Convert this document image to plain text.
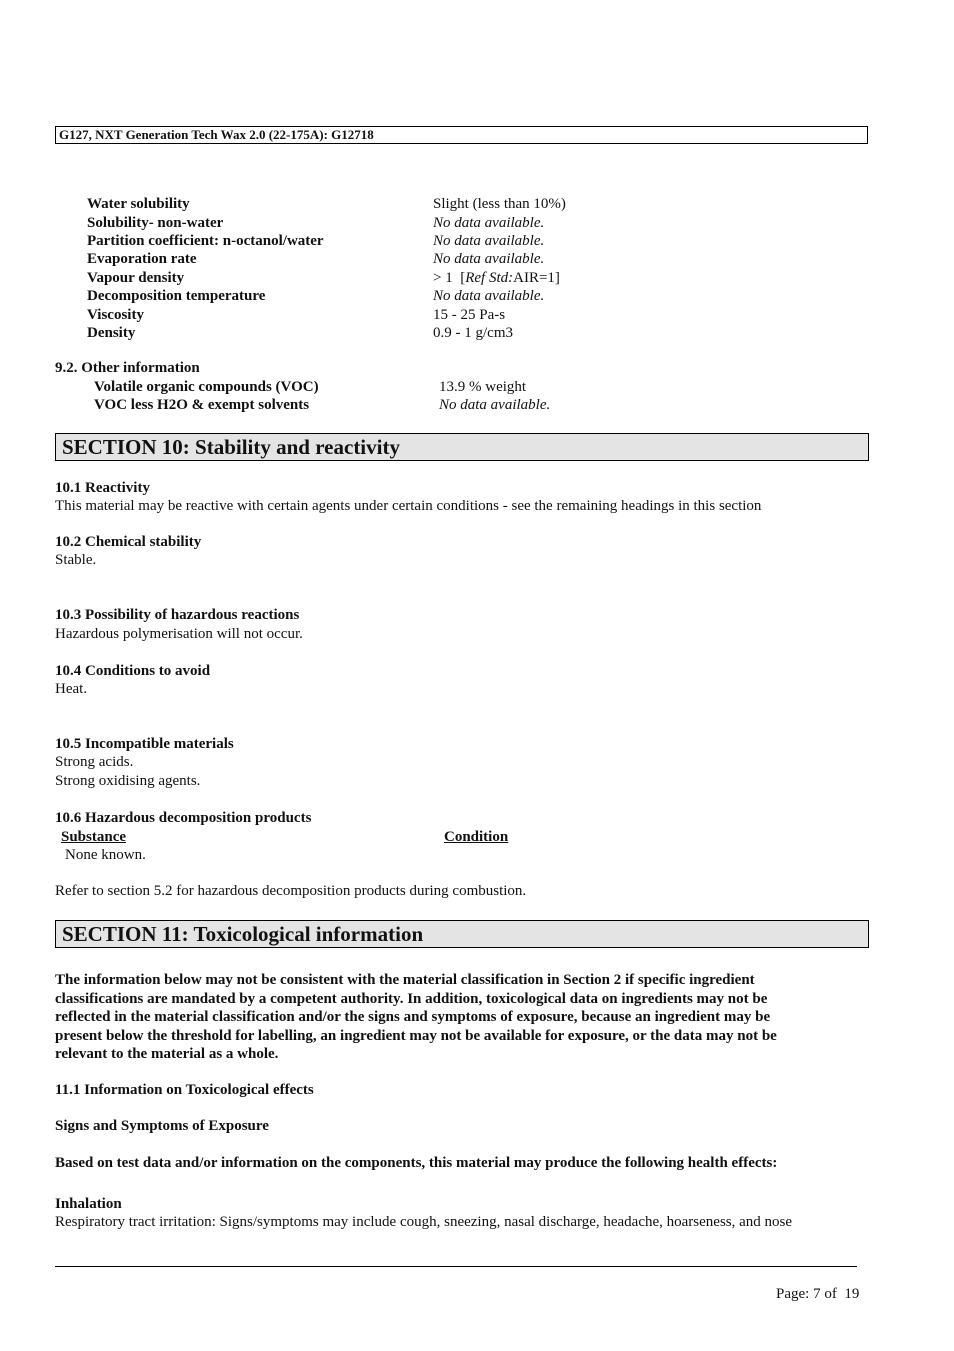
G127, NXT Generation Tech Wax 2.0 (22-175A): G12718
Water solubility	Slight (less than 10%)
Solubility- non-water	No data available.
Partition coefficient: n-octanol/water	No data available.
Evaporation rate	No data available.
Vapour density	> 1  [Ref Std:AIR=1]
Decomposition temperature	No data available.
Viscosity	15 - 25 Pa-s
Density	0.9 - 1 g/cm3
9.2. Other information
Volatile organic compounds (VOC)	13.9 % weight
VOC less H2O & exempt solvents	No data available.
SECTION 10: Stability and reactivity
10.1 Reactivity
This material may be reactive with certain agents under certain conditions - see the remaining headings in this section
10.2 Chemical stability
Stable.
10.3 Possibility of hazardous reactions
Hazardous polymerisation will not occur.
10.4 Conditions to avoid
Heat.
10.5 Incompatible materials
Strong acids.
Strong oxidising agents.
10.6 Hazardous decomposition products
Substance	Condition
None known.
Refer to section 5.2 for hazardous decomposition products during combustion.
SECTION 11: Toxicological information
The information below may not be consistent with the material classification in Section 2 if specific ingredient
classifications are mandated by a competent authority. In addition, toxicological data on ingredients may not be
reflected in the material classification and/or the signs and symptoms of exposure, because an ingredient may be
present below the threshold for labelling, an ingredient may not be available for exposure, or the data may not be
relevant to the material as a whole.
11.1 Information on Toxicological effects
Signs and Symptoms of Exposure
Based on test data and/or information on the components, this material may produce the following health effects:
Inhalation
Respiratory tract irritation: Signs/symptoms may include cough, sneezing, nasal discharge, headache, hoarseness, and nose
Page: 7 of  19
